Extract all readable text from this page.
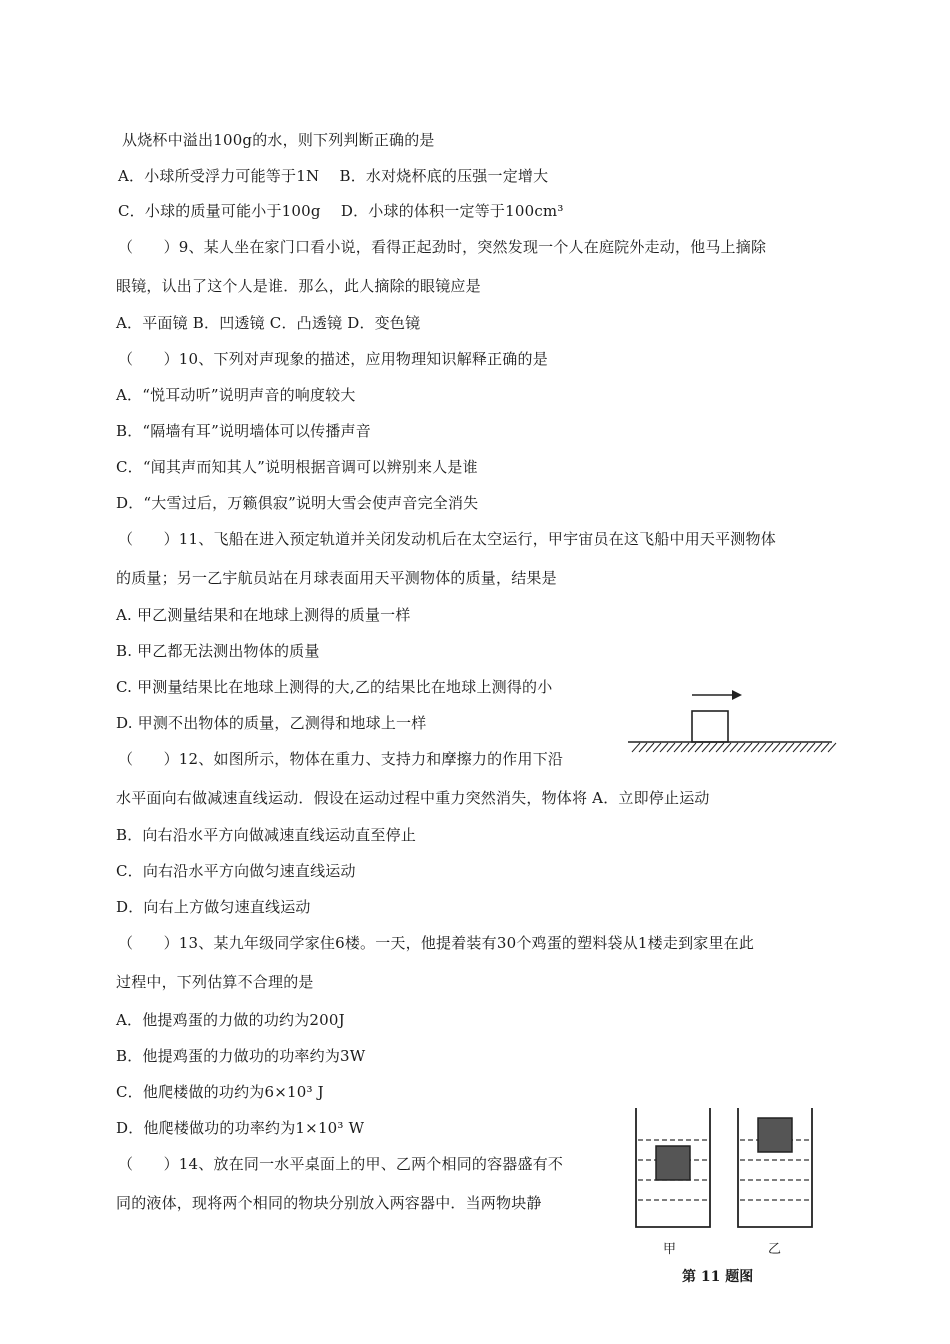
从烧杯中溢出100g的水，则下列判断正确的是
A．小球所受浮力可能等于1N　 B．水对烧杯底的压强一定增大
C．小球的质量可能小于100g　 D．小球的体积一定等于100cm³
（　　）9、某人坐在家门口看小说，看得正起劲时，突然发现一个人在庭院外走动，他马上摘除
眼镜，认出了这个人是谁．那么，此人摘除的眼镜应是
A．平面镜 B．凹透镜 C．凸透镜 D．变色镜
（　　）10、下列对声现象的描述，应用物理知识解释正确的是
A．“悦耳动听”说明声音的响度较大
B．“隔墙有耳”说明墙体可以传播声音
C．“闻其声而知其人”说明根据音调可以辨别来人是谁
D．“大雪过后，万籁俱寂”说明大雪会使声音完全消失
（　　）11、飞船在进入预定轨道并关闭发动机后在太空运行，甲宇宙员在这飞船中用天平测物体
的质量；另一乙宇航员站在月球表面用天平测物体的质量，结果是
A. 甲乙测量结果和在地球上测得的质量一样
B. 甲乙都无法测出物体的质量
C. 甲测量结果比在地球上测得的大,乙的结果比在地球上测得的小
D. 甲测不出物体的质量，乙测得和地球上一样
（　　）12、如图所示，物体在重力、支持力和摩擦力的作用下沿
水平面向右做减速直线运动．假设在运动过程中重力突然消失，物体将 A．立即停止运动
B．向右沿水平方向做减速直线运动直至停止
C．向右沿水平方向做匀速直线运动
D．向右上方做匀速直线运动
（　　）13、某九年级同学家住6楼。一天，他提着装有30个鸡蛋的塑料袋从1楼走到家里在此
过程中，下列估算不合理的是
A．他提鸡蛋的力做的功约为200J
B．他提鸡蛋的力做功的功率约为3W
C．他爬楼做的功约为6×10³ J
D．他爬楼做功的功率约为1×10³ W
（　　）14、放在同一水平桌面上的甲、乙两个相同的容器盛有不
同的液体，现将两个相同的物块分别放入两容器中．当两物块静
甲	乙
第 11 题图
